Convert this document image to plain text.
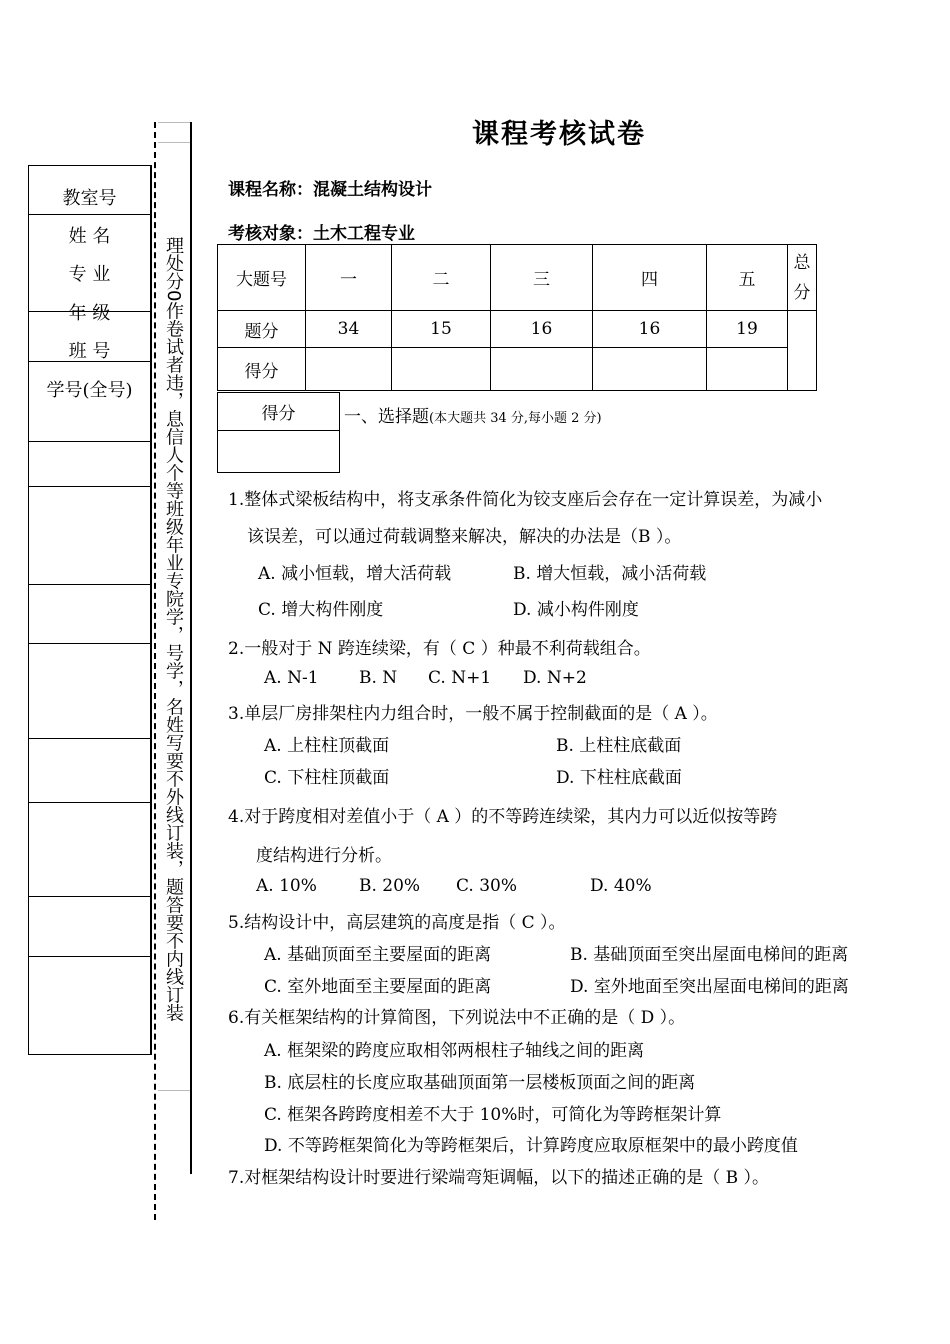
理处分0作卷试者违，息信人个等班级年业专院学，号学，名姓写要不外线订装，题答要不内线订装
教室号
姓 名
专 业
年 级
班 号
学号(全号)
课程考核试卷
课程名称：混凝土结构设计
考核对象：土木工程专业
大题号	一	二	三	四	五	总
分
题分	34	15	16	16	19	
得分						
得分	一、选择题(本大题共 34 分,每小题 2 分)
1.整体式梁板结构中，将支承条件简化为铰支座后会存在一定计算误差，为减小
该误差，可以通过荷载调整来解决，解决的办法是（B ）。
A. 减小恒载，增大活荷载	B. 增大恒载，减小活荷载
C. 增大构件刚度	D. 减小构件刚度
2.一般对于 N 跨连续梁，有（ C ）种最不利荷载组合。
A. N-1 B. N C. N+1 D. N+2
3.单层厂房排架柱内力组合时，一般不属于控制截面的是（ A ）。
A. 上柱柱顶截面	B. 上柱柱底截面
C. 下柱柱顶截面	D. 下柱柱底截面
4.对于跨度相对差值小于（ A ）的不等跨连续梁，其内力可以近似按等跨
度结构进行分析。
A. 10% B. 20% C. 30%	D. 40%
5.结构设计中，高层建筑的高度是指（ C ）。
A. 基础顶面至主要屋面的距离	B. 基础顶面至突出屋面电梯间的距离
C. 室外地面至主要屋面的距离	D. 室外地面至突出屋面电梯间的距离
6.有关框架结构的计算简图，下列说法中不正确的是（ D ）。
A. 框架梁的跨度应取相邻两根柱子轴线之间的距离
B. 底层柱的长度应取基础顶面第一层楼板顶面之间的距离
C. 框架各跨跨度相差不大于 10%时，可简化为等跨框架计算
D. 不等跨框架简化为等跨框架后，计算跨度应取原框架中的最小跨度值
7.对框架结构设计时要进行梁端弯矩调幅，以下的描述正确的是（ B ）。
